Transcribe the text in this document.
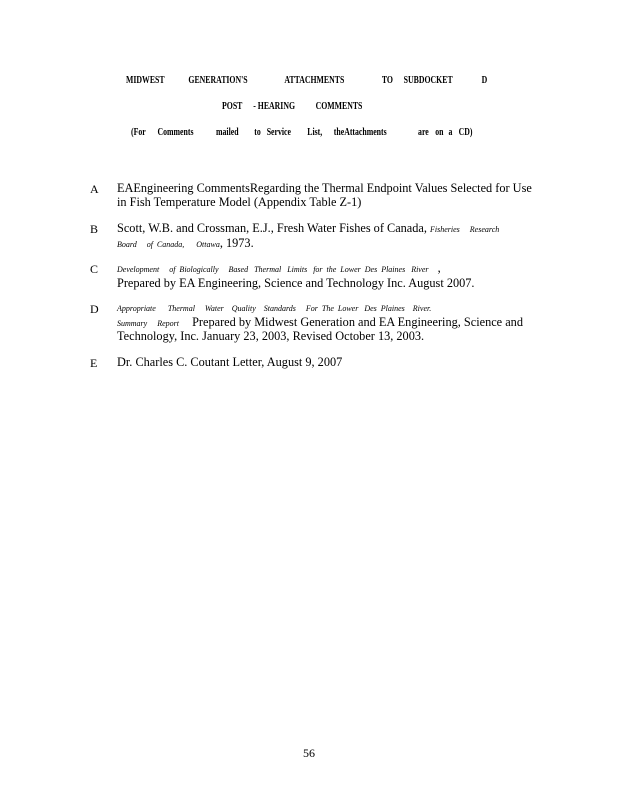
MIDWEST	GENERATION'S	ATTACHMENTS	TO	SUBDOCKET	D
POST	- HEARING	COMMENTS
(For	Comments	mailed	to Service	List,	theAttachments	are on a CD)
A EAEngineering CommentsRegarding the Thermal Endpoint Values Selected for Use
in Fish Temperature Model (Appendix Table Z-1)
B Scott, W.B. and Crossman, E.J., Fresh Water Fishes of Canada, Fisheries     Research
Board     of  Canada,      Ottawa, 1973.
C Development     of  Biologically     Based   Thermal   Limits   for  the  Lower  Des  Plaines   River ,
Prepared by EA Engineering, Science and Technology Inc. August 2007.
D Appropriate      Thermal     Water    Quality    Standards     For  The  Lower   Des  Plaines    River.
Summary     Report Prepared by Midwest Generation and EA Engineering, Science and
Technology, Inc. January 23, 2003, Revised October 13, 2003.
E Dr. Charles C. Coutant Letter, August 9, 2007
56
